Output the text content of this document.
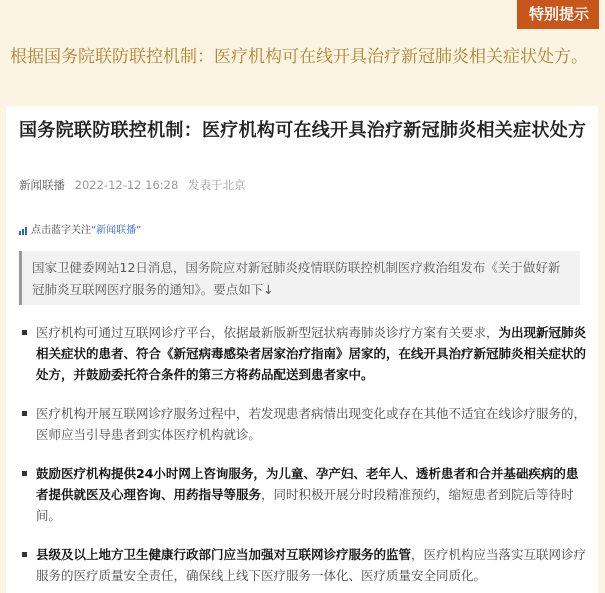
特别提示

根据国务院联防联控机制：医疗机构可在线开具治疗新冠肺炎相关症状处方。

国务院联防联控机制：医疗机构可在线开具治疗新冠肺炎相关症状处方
新闻联播 2022-12-12 16:28 发表于北京
点击蓝字关注 “新闻联播”
国家卫健委网站12日消息，国务院应对新冠肺炎疫情联防联控机制医疗救治组发布《关于做好新冠肺炎互联网医疗服务的通知》。要点如下↓
医疗机构可通过互联网诊疗平台，依据最新版新型冠状病毒肺炎诊疗方案有关要求，为出现新冠肺炎相关症状的患者、符合《新冠病毒感染者居家治疗指南》居家的，在线开具治疗新冠肺炎相关症状的处方，并鼓励委托符合条件的第三方将药品配送到患者家中。
医疗机构开展互联网诊疗服务过程中，若发现患者病情出现变化或存在其他不适宜在线诊疗服务的，医师应当引导患者到实体医疗机构就诊。
鼓励医疗机构提供24小时网上咨询服务，为儿童、孕产妇、老年人、透析患者和合并基础疾病的患者提供就医及心理咨询、用药指导等服务，同时积极开展分时段精准预约，缩短患者到院后等待时间。
县级及以上地方卫生健康行政部门应当加强对互联网诊疗服务的监管，医疗机构应当落实互联网诊疗服务的医疗质量安全责任，确保线上线下医疗服务一体化、医疗质量安全同质化。
